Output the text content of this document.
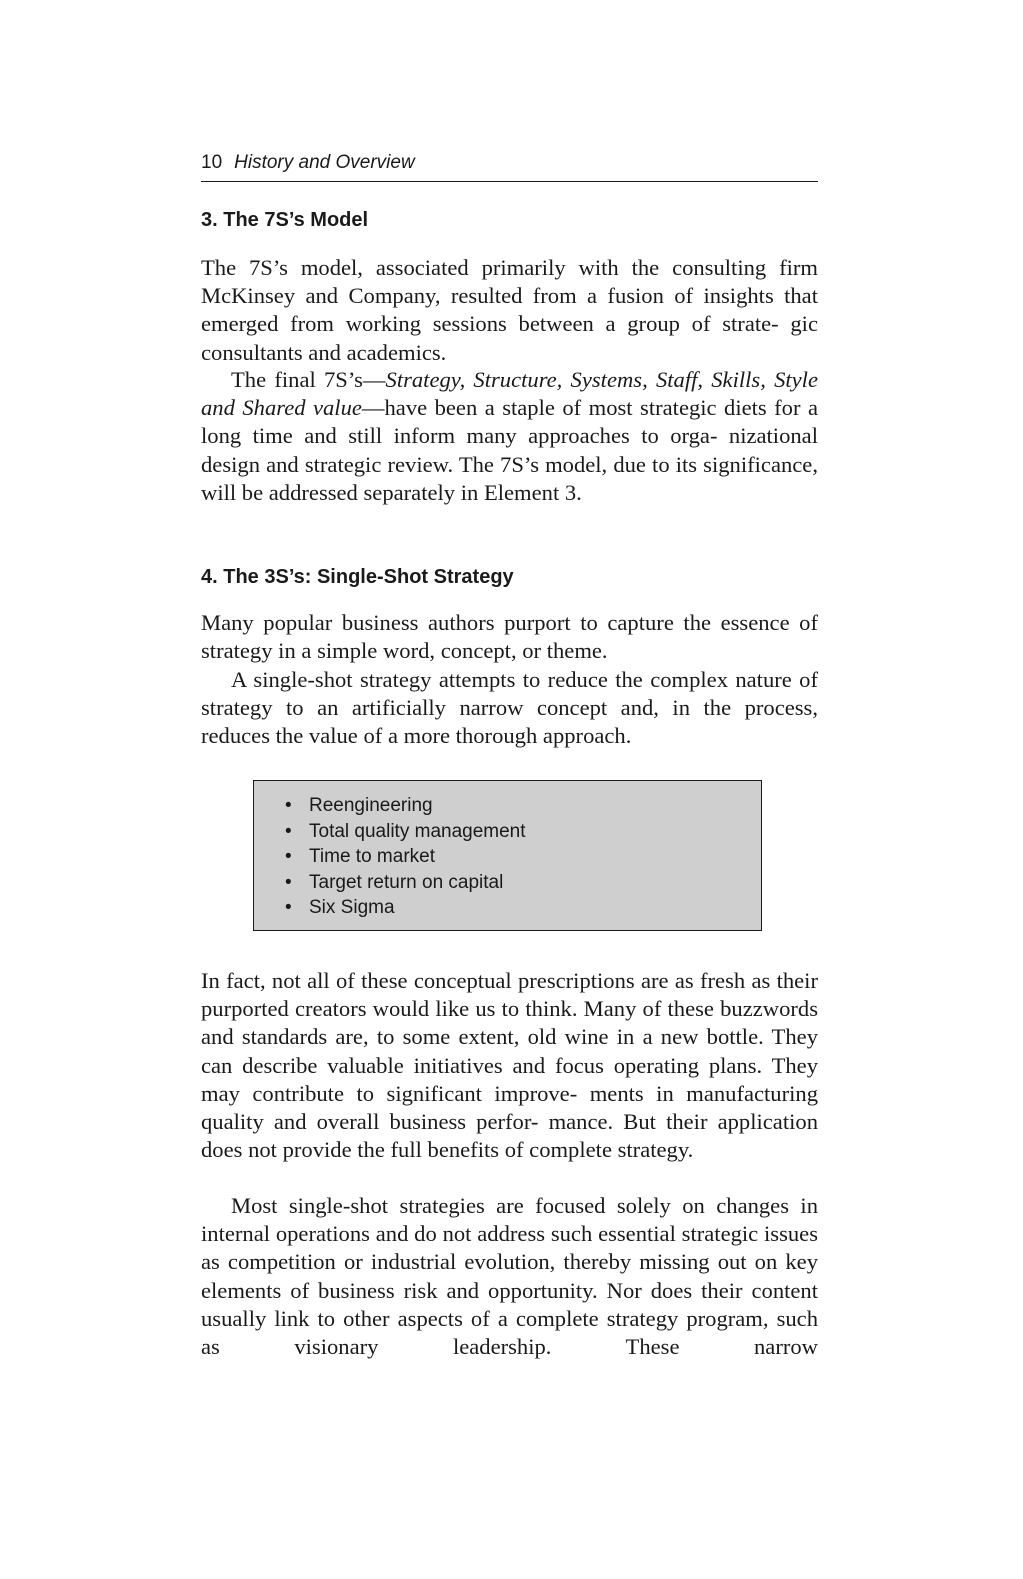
10 History and Overview
3. The 7S’s Model

The 7S’s model, associated primarily with the consulting firm McKinsey and Company, resulted from a fusion of insights that emerged from working sessions between a group of strate- gic consultants and academics.

The final 7S’s—Strategy, Structure, Systems, Staff, Skills, Style and Shared value—have been a staple of most strategic diets for a long time and still inform many approaches to orga- nizational design and strategic review. The 7S’s model, due to its significance, will be addressed separately in Element 3.

4. The 3S’s: Single-Shot Strategy

Many popular business authors purport to capture the essence of strategy in a simple word, concept, or theme.

A single-shot strategy attempts to reduce the complex nature of strategy to an artificially narrow concept and, in the process, reduces the value of a more thorough approach.

• Reengineering
• Total quality management
• Time to market
• Target return on capital
• Six Sigma

In fact, not all of these conceptual prescriptions are as fresh as their purported creators would like us to think. Many of these buzzwords and standards are, to some extent, old wine in a new bottle. They can describe valuable initiatives and focus operating plans. They may contribute to significant improve- ments in manufacturing quality and overall business perfor- mance. But their application does not provide the full benefits of complete strategy.

Most single-shot strategies are focused solely on changes in internal operations and do not address such essential strategic issues as competition or industrial evolution, thereby missing out on key elements of business risk and opportunity. Nor does their content usually link to other aspects of a complete strategy program, such as visionary leadership. These narrow
